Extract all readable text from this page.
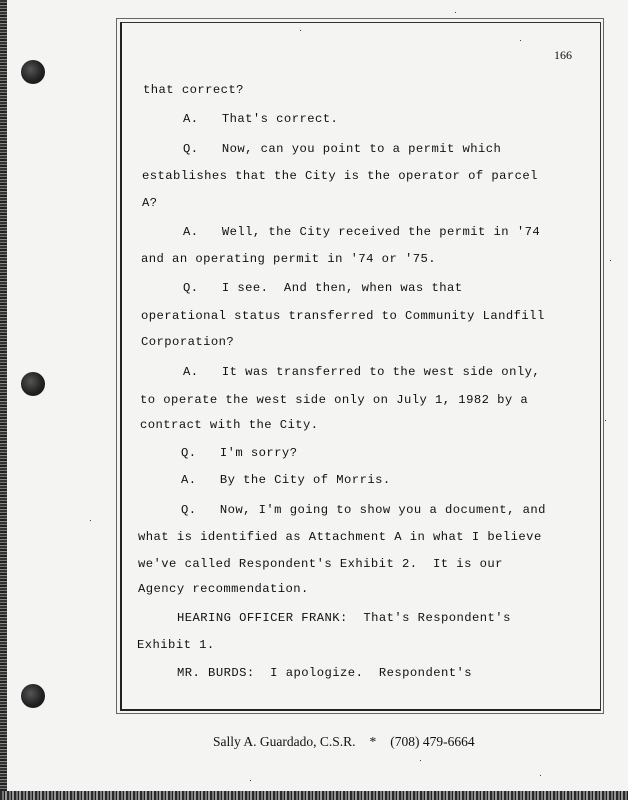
166
that correct?
A.   That's correct.
Q.   Now, can you point to a permit which
establishes that the City is the operator of parcel
A?
A.   Well, the City received the permit in '74
and an operating permit in '74 or '75.
Q.   I see.  And then, when was that
operational status transferred to Community Landfill
Corporation?
A.   It was transferred to the west side only,
to operate the west side only on July 1, 1982 by a
contract with the City.
Q.   I'm sorry?
A.   By the City of Morris.
Q.   Now, I'm going to show you a document, and
what is identified as Attachment A in what I believe
we've called Respondent's Exhibit 2.  It is our
Agency recommendation.
HEARING OFFICER FRANK:  That's Respondent's
Exhibit 1.
MR. BURDS:  I apologize.  Respondent's
Sally A. Guardado, C.S.R. * (708) 479-6664
